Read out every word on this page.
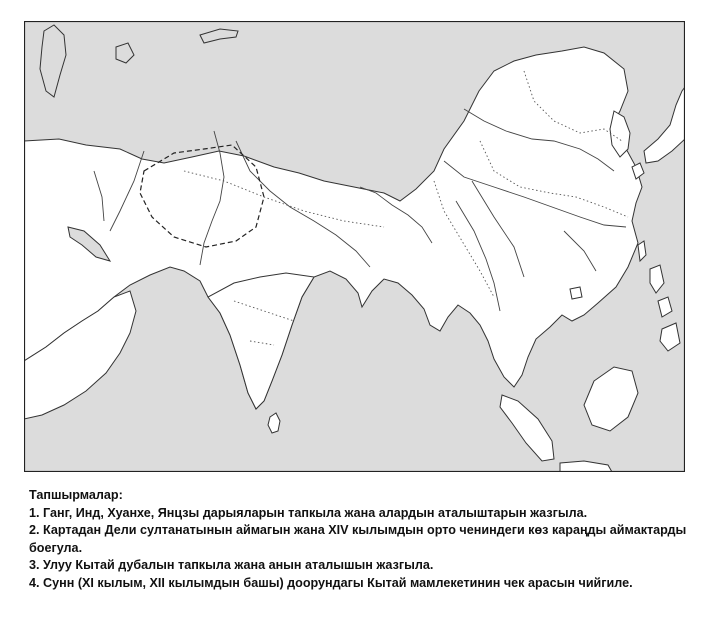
Тапшырмалар:

1. Ганг, Инд, Хуанхе, Янцзы дарыяларын тапкыла жана алардын аталыштарын жазгыла.

2. Картадан Дели султанатынын аймагын жана XIV кылымдын орто чениндеги көз караңды аймактарды боегула.

3. Улуу Кытай дубалын тапкыла жана анын аталышын жазгыла.

4. Сунн (XI кылым, XII кылымдын башы) доорундагы Кытай мамлекетинин чек арасын чийгиле.
